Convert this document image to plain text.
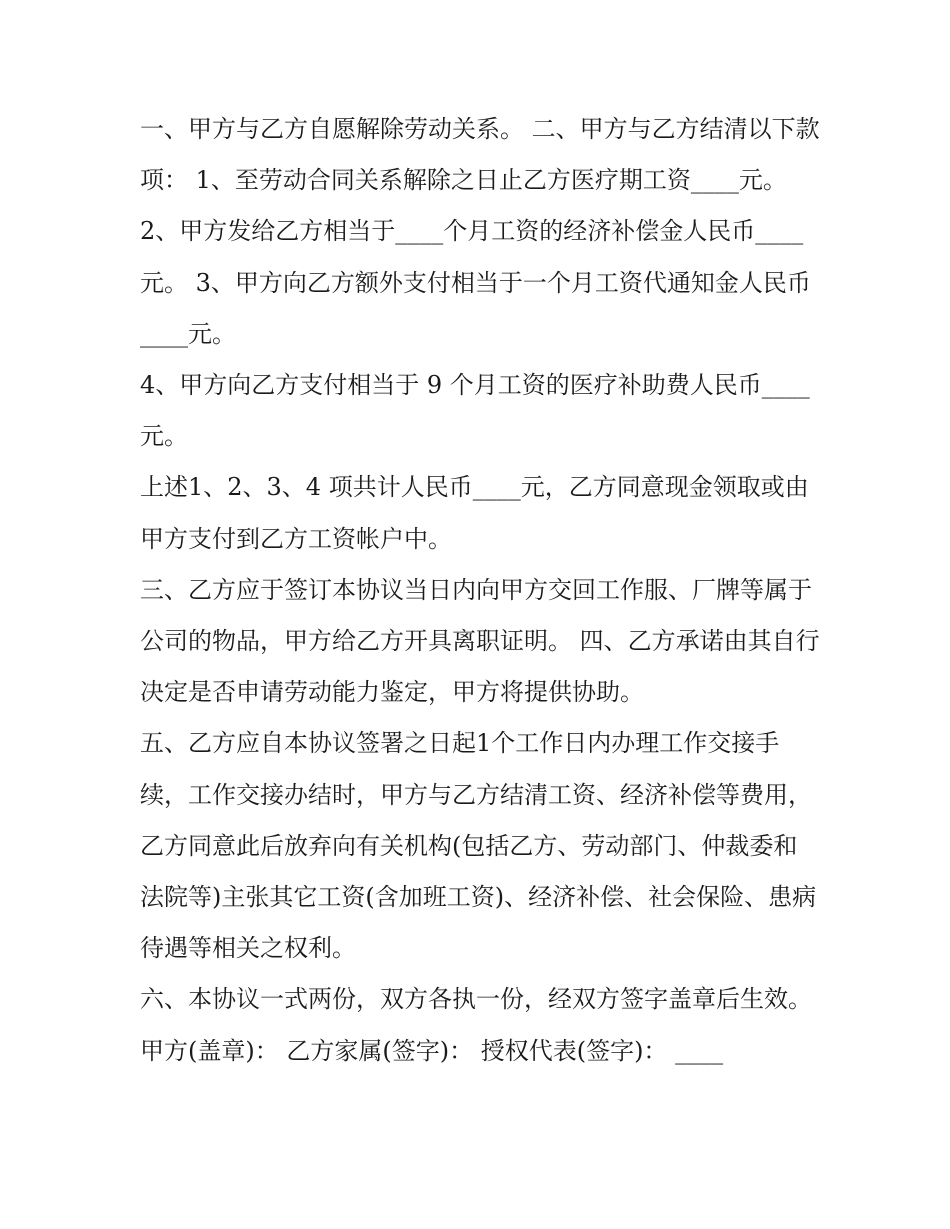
一、甲方与乙方自愿解除劳动关系。 二、甲方与乙方结清以下款项： 1、至劳动合同关系解除之日止乙方医疗期工资____元。

2、甲方发给乙方相当于____个月工资的经济补偿金人民币____元。 3、甲方向乙方额外支付相当于一个月工资代通知金人民币____元。

4、甲方向乙方支付相当于 9 个月工资的医疗补助费人民币____元。

上述1、2、3、4 项共计人民币____元，乙方同意现金领取或由甲方支付到乙方工资帐户中。

三、乙方应于签订本协议当日内向甲方交回工作服、厂牌等属于公司的物品，甲方给乙方开具离职证明。 四、乙方承诺由其自行决定是否申请劳动能力鉴定，甲方将提供协助。

五、乙方应自本协议签署之日起1个工作日内办理工作交接手续，工作交接办结时，甲方与乙方结清工资、经济补偿等费用，乙方同意此后放弃向有关机构(包括乙方、劳动部门、仲裁委和法院等)主张其它工资(含加班工资)、经济补偿、社会保险、患病待遇等相关之权利。

六、本协议一式两份，双方各执一份，经双方签字盖章后生效。 甲方(盖章)： 乙方家属(签字)： 授权代表(签字)： ____
